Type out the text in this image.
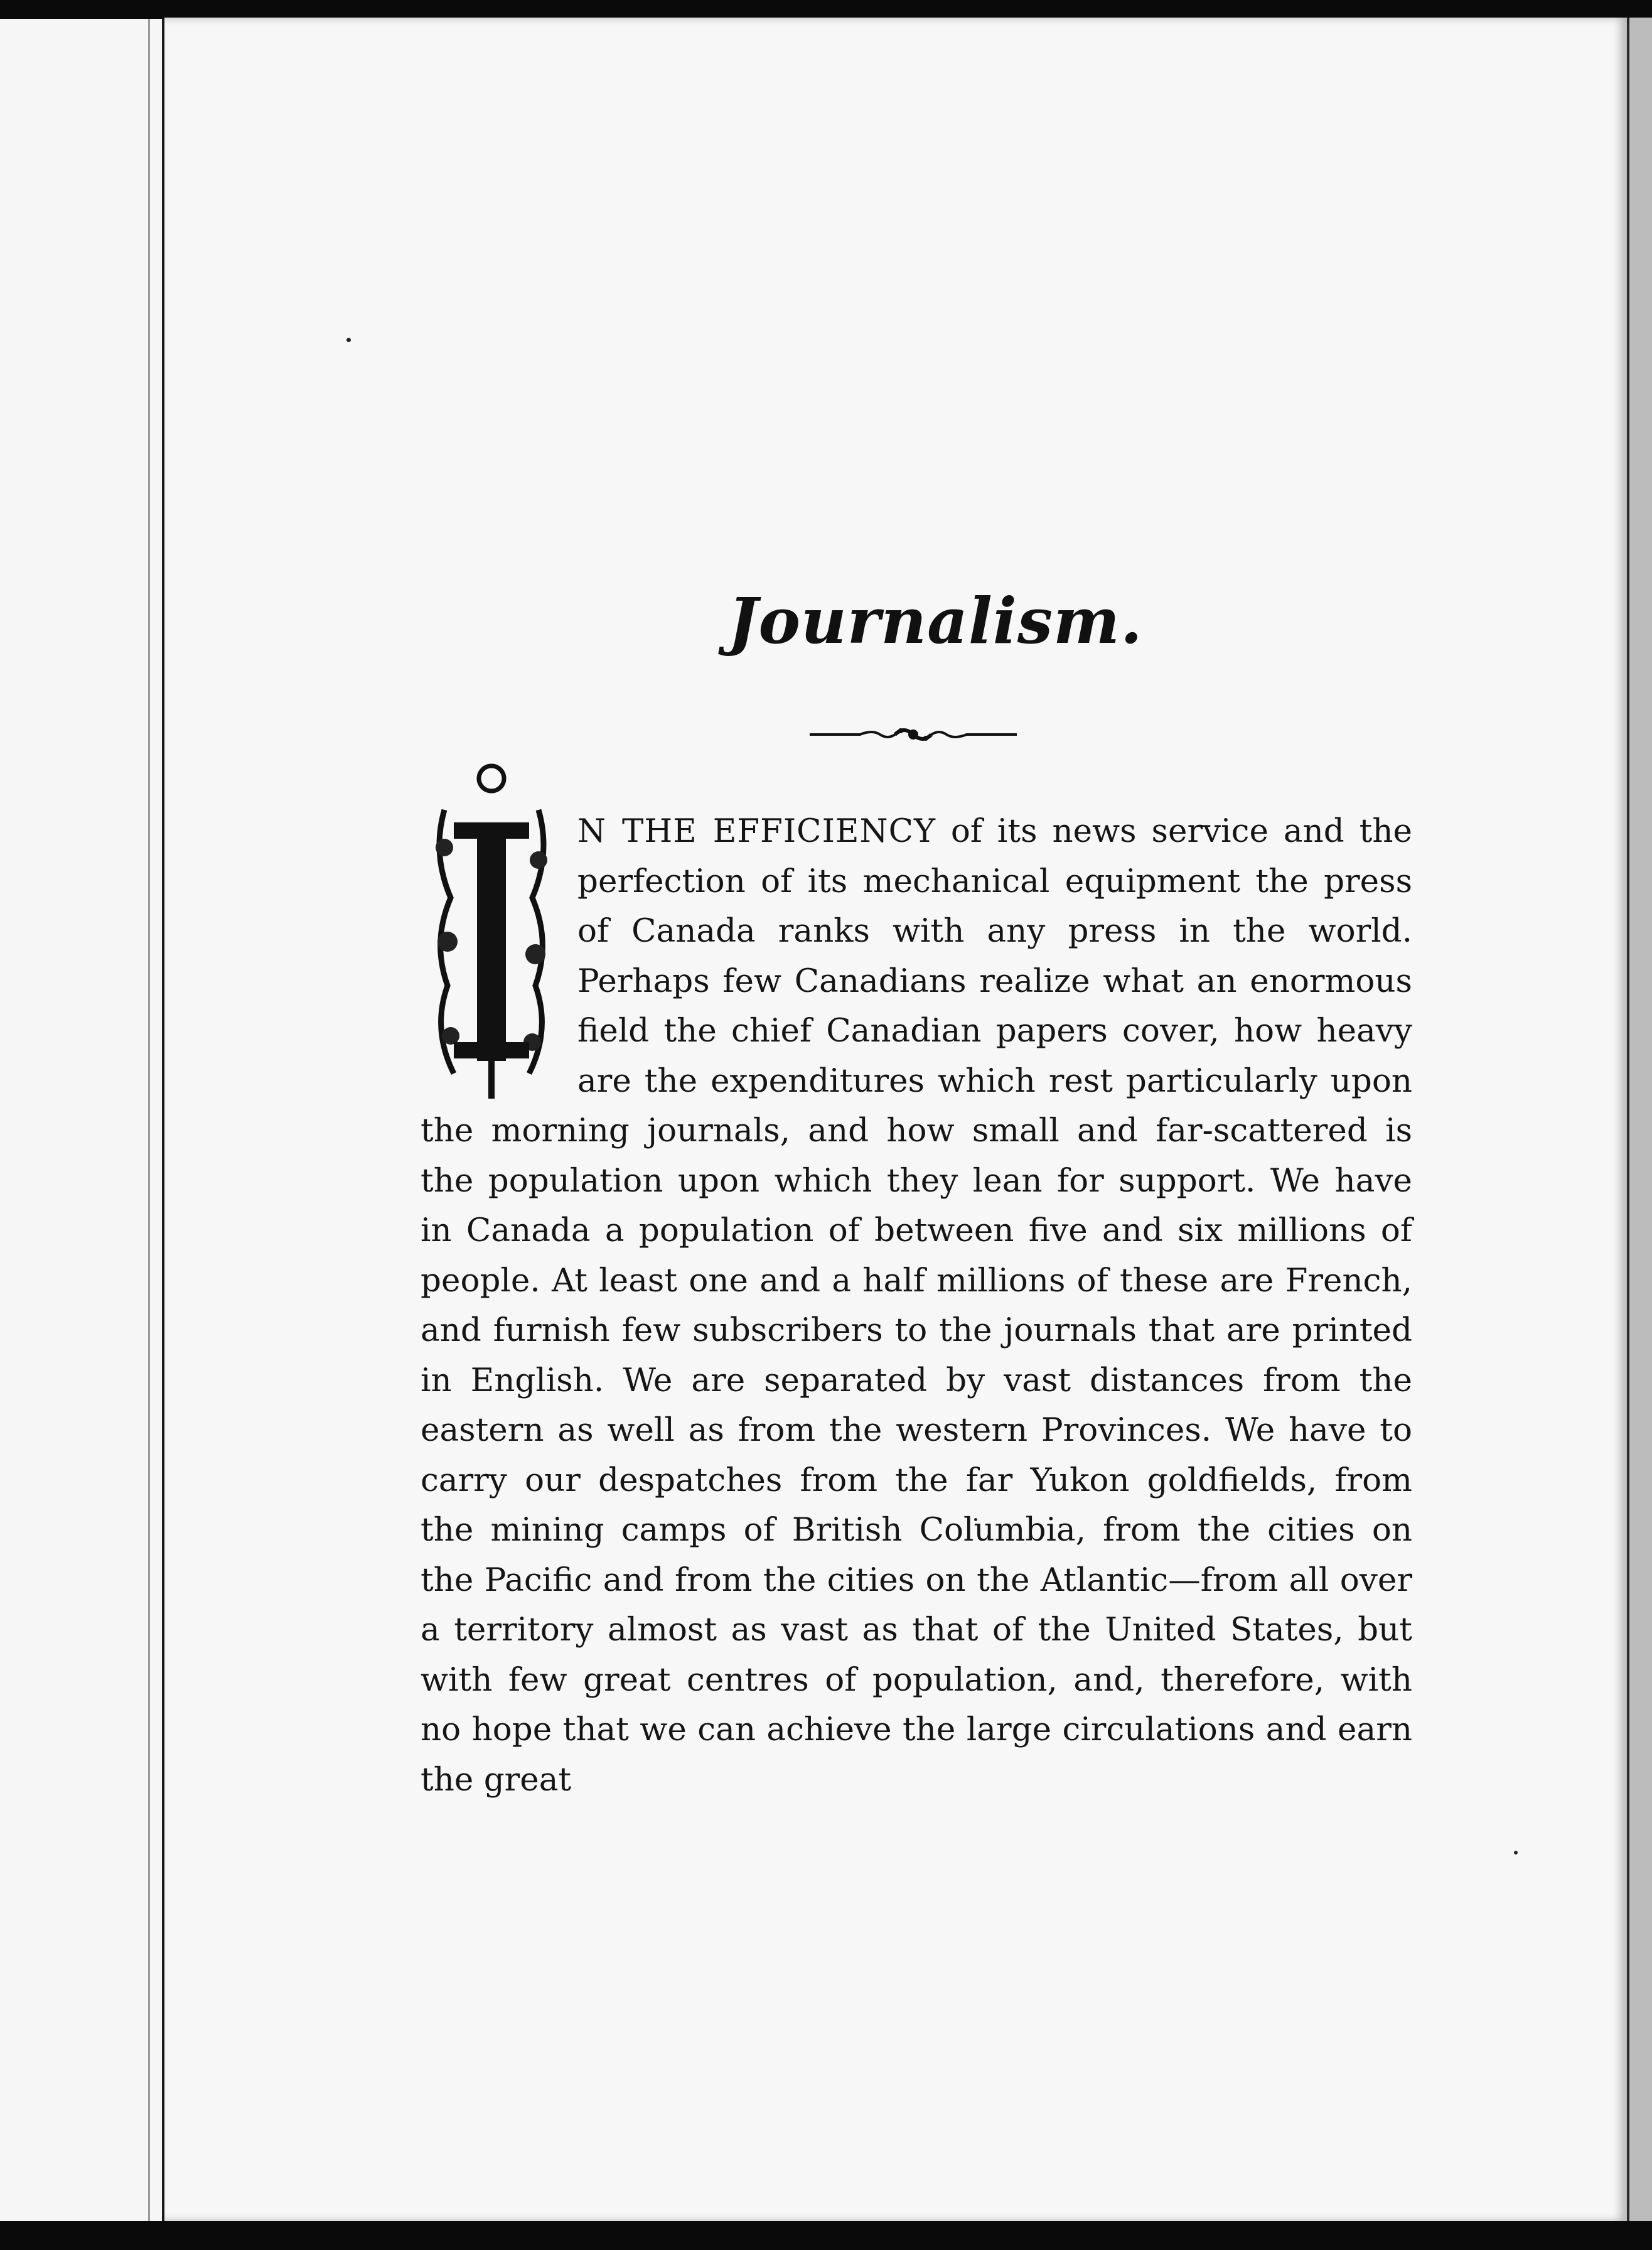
Journalism.

N THE EFFICIENCY of its news service and the perfection of its mechanical equipment the press of Canada ranks with any press in the world. Perhaps few Canadians realize what an enormous field the chief Canadian papers cover, how heavy are the expenditures which rest particularly upon the morning journals, and how small and far-scattered is the population upon which they lean for support. We have in Canada a population of between five and six millions of people. At least one and a half millions of these are French, and furnish few subscribers to the journals that are printed in English. We are separated by vast distances from the eastern as well as from the western Provinces. We have to carry our despatches from the far Yukon goldfields, from the mining camps of British Columbia, from the cities on the Pacific and from the cities on the Atlantic—from all over a territory almost as vast as that of the United States, but with few great centres of population, and, therefore, with no hope that we can achieve the large circulations and earn the great
